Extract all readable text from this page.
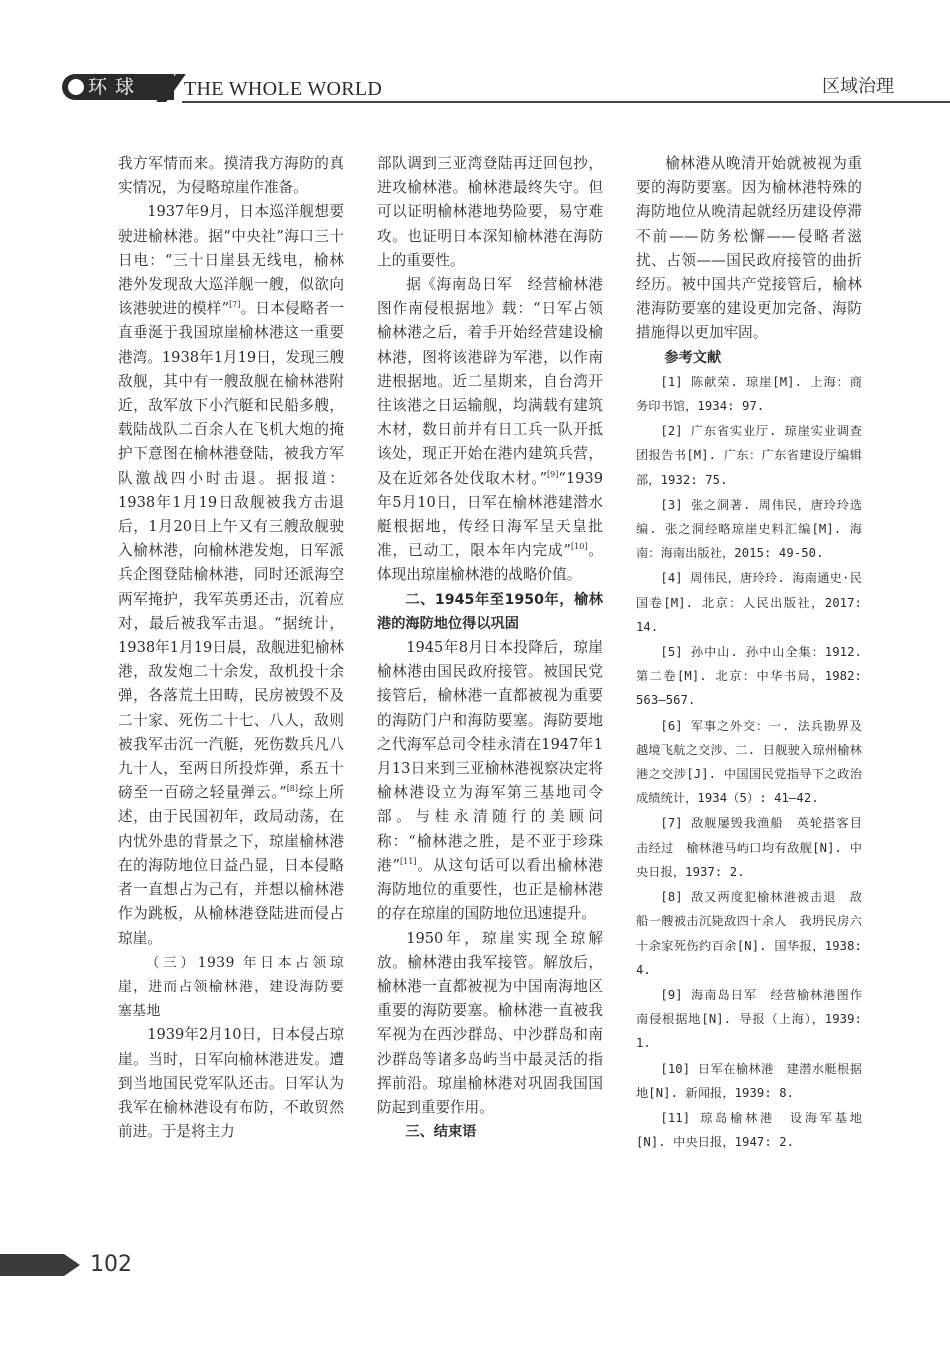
环球 THE WHOLE WORLD	区域治理

我方军情而来。摸清我方海防的真实情况，为侵略琼崖作准备。

1937年9月，日本巡洋舰想要驶进榆林港。据“中央社”海口三十日电：“三十日崖县无线电，榆林港外发现敌大巡洋舰一艘，似欲向该港驶进的模样”[7]。日本侵略者一直垂涎于我国琼崖榆林港这一重要港湾。1938年1月19日，发现三艘敌舰，其中有一艘敌舰在榆林港附近，敌军放下小汽艇和民船多艘，载陆战队二百余人在飞机大炮的掩护下意图在榆林港登陆，被我方军队激战四小时击退。据报道：1938年1月19日敌舰被我方击退后，1月20日上午又有三艘敌舰驶入榆林港，向榆林港发炮，日军派兵企图登陆榆林港，同时还派海空两军掩护，我军英勇还击，沉着应对，最后被我军击退。“据统计，1938年1月19日晨，敌舰进犯榆林港，敌发炮二十余发，敌机投十余弹，各落荒土田畴，民房被毁不及二十家、死伤二十七、八人，敌则被我军击沉一汽艇，死伤数兵凡八九十人，至两日所投炸弹，系五十磅至一百磅之轻量弹云。”[8]综上所述，由于民国初年，政局动荡，在内忧外患的背景之下，琼崖榆林港在的海防地位日益凸显，日本侵略者一直想占为己有，并想以榆林港作为跳板，从榆林港登陆进而侵占琼崖。

（三）1939 年日本占领琼崖，进而占领榆林港，建设海防要塞基地

1939年2月10日，日本侵占琼崖。当时，日军向榆林港进发。遭到当地国民党军队还击。日军认为我军在榆林港设有布防，不敢贸然前进。于是将主力

部队调到三亚湾登陆再迂回包抄，进攻榆林港。榆林港最终失守。但可以证明榆林港地势险要，易守难攻。也证明日本深知榆林港在海防上的重要性。

据《海南岛日军　经营榆林港　图作南侵根据地》载：“日军占领榆林港之后，着手开始经营建设榆林港，图将该港辟为军港，以作南进根据地。近二星期来，自台湾开往该港之日运输舰，均满载有建筑木材，数日前并有日工兵一队开抵该处，现正开始在港内建筑兵营，及在近郊各处伐取木材。”[9]“1939年5月10日，日军在榆林港建潜水艇根据地，传经日海军呈天皇批准，已动工，限本年内完成”[10]。体现出琼崖榆林港的战略价值。

二、1945年至1950年，榆林港的海防地位得以巩固

1945年8月日本投降后，琼崖榆林港由国民政府接管。被国民党接管后，榆林港一直都被视为重要的海防门户和海防要塞。海防要地之代海军总司令桂永清在1947年1月13日来到三亚榆林港视察决定将榆林港设立为海军第三基地司令部。与桂永清随行的美顾问称：“榆林港之胜，是不亚于珍珠港”[11]。从这句话可以看出榆林港海防地位的重要性，也正是榆林港的存在琼崖的国防地位迅速提升。

1950年，琼崖实现全琼解放。榆林港由我军接管。解放后，榆林港一直都被视为中国南海地区重要的海防要塞。榆林港一直被我军视为在西沙群岛、中沙群岛和南沙群岛等诸多岛屿当中最灵活的指挥前沿。琼崖榆林港对巩固我国国防起到重要作用。

三、结束语

榆林港从晚清开始就被视为重要的海防要塞。因为榆林港特殊的海防地位从晚清起就经历建设停滞不前——防务松懈——侵略者滋扰、占领——国民政府接管的曲折经历。被中国共产党接管后，榆林港海防要塞的建设更加完备、海防措施得以更加牢固。

参考文献

[1] 陈献荣. 琼崖[M]. 上海：商务印书馆，1934: 97.

[2] 广东省实业厅. 琼崖实业调查团报告书[M]. 广东：广东省建设厅编辑部，1932: 75.

[3] 张之洞著. 周伟民，唐玲玲选编. 张之洞经略琼崖史料汇编[M]. 海南：海南出版社，2015: 49-50.

[4] 周伟民，唐玲玲. 海南通史·民国卷[M]. 北京：人民出版社，2017: 14.

[5] 孙中山. 孙中山全集：1912. 第二卷[M]. 北京：中华书局，1982: 563—567.

[6] 军事之外交：一. 法兵勘界及越境飞航之交涉、二. 日舰驶入琼州榆林港之交涉[J]. 中国国民党指导下之政治成绩统计，1934（5）: 41—42.

[7] 敌舰屡毁我渔船　英轮搭客目击经过　榆林港马屿口均有敌舰[N]. 中央日报，1937: 2.

[8] 敌又两度犯榆林港被击退　敌船一艘被击沉毙敌四十余人　我坍民房六十余家死伤约百余[N]. 国华报，1938: 4.

[9] 海南岛日军　经营榆林港图作南侵根据地[N]. 导报（上海），1939: 1.

[10] 日军在榆林港　建潜水艇根据地[N]. 新闻报，1939: 8.

[11] 琼岛榆林港　设海军基地[N]. 中央日报，1947: 2.

102
